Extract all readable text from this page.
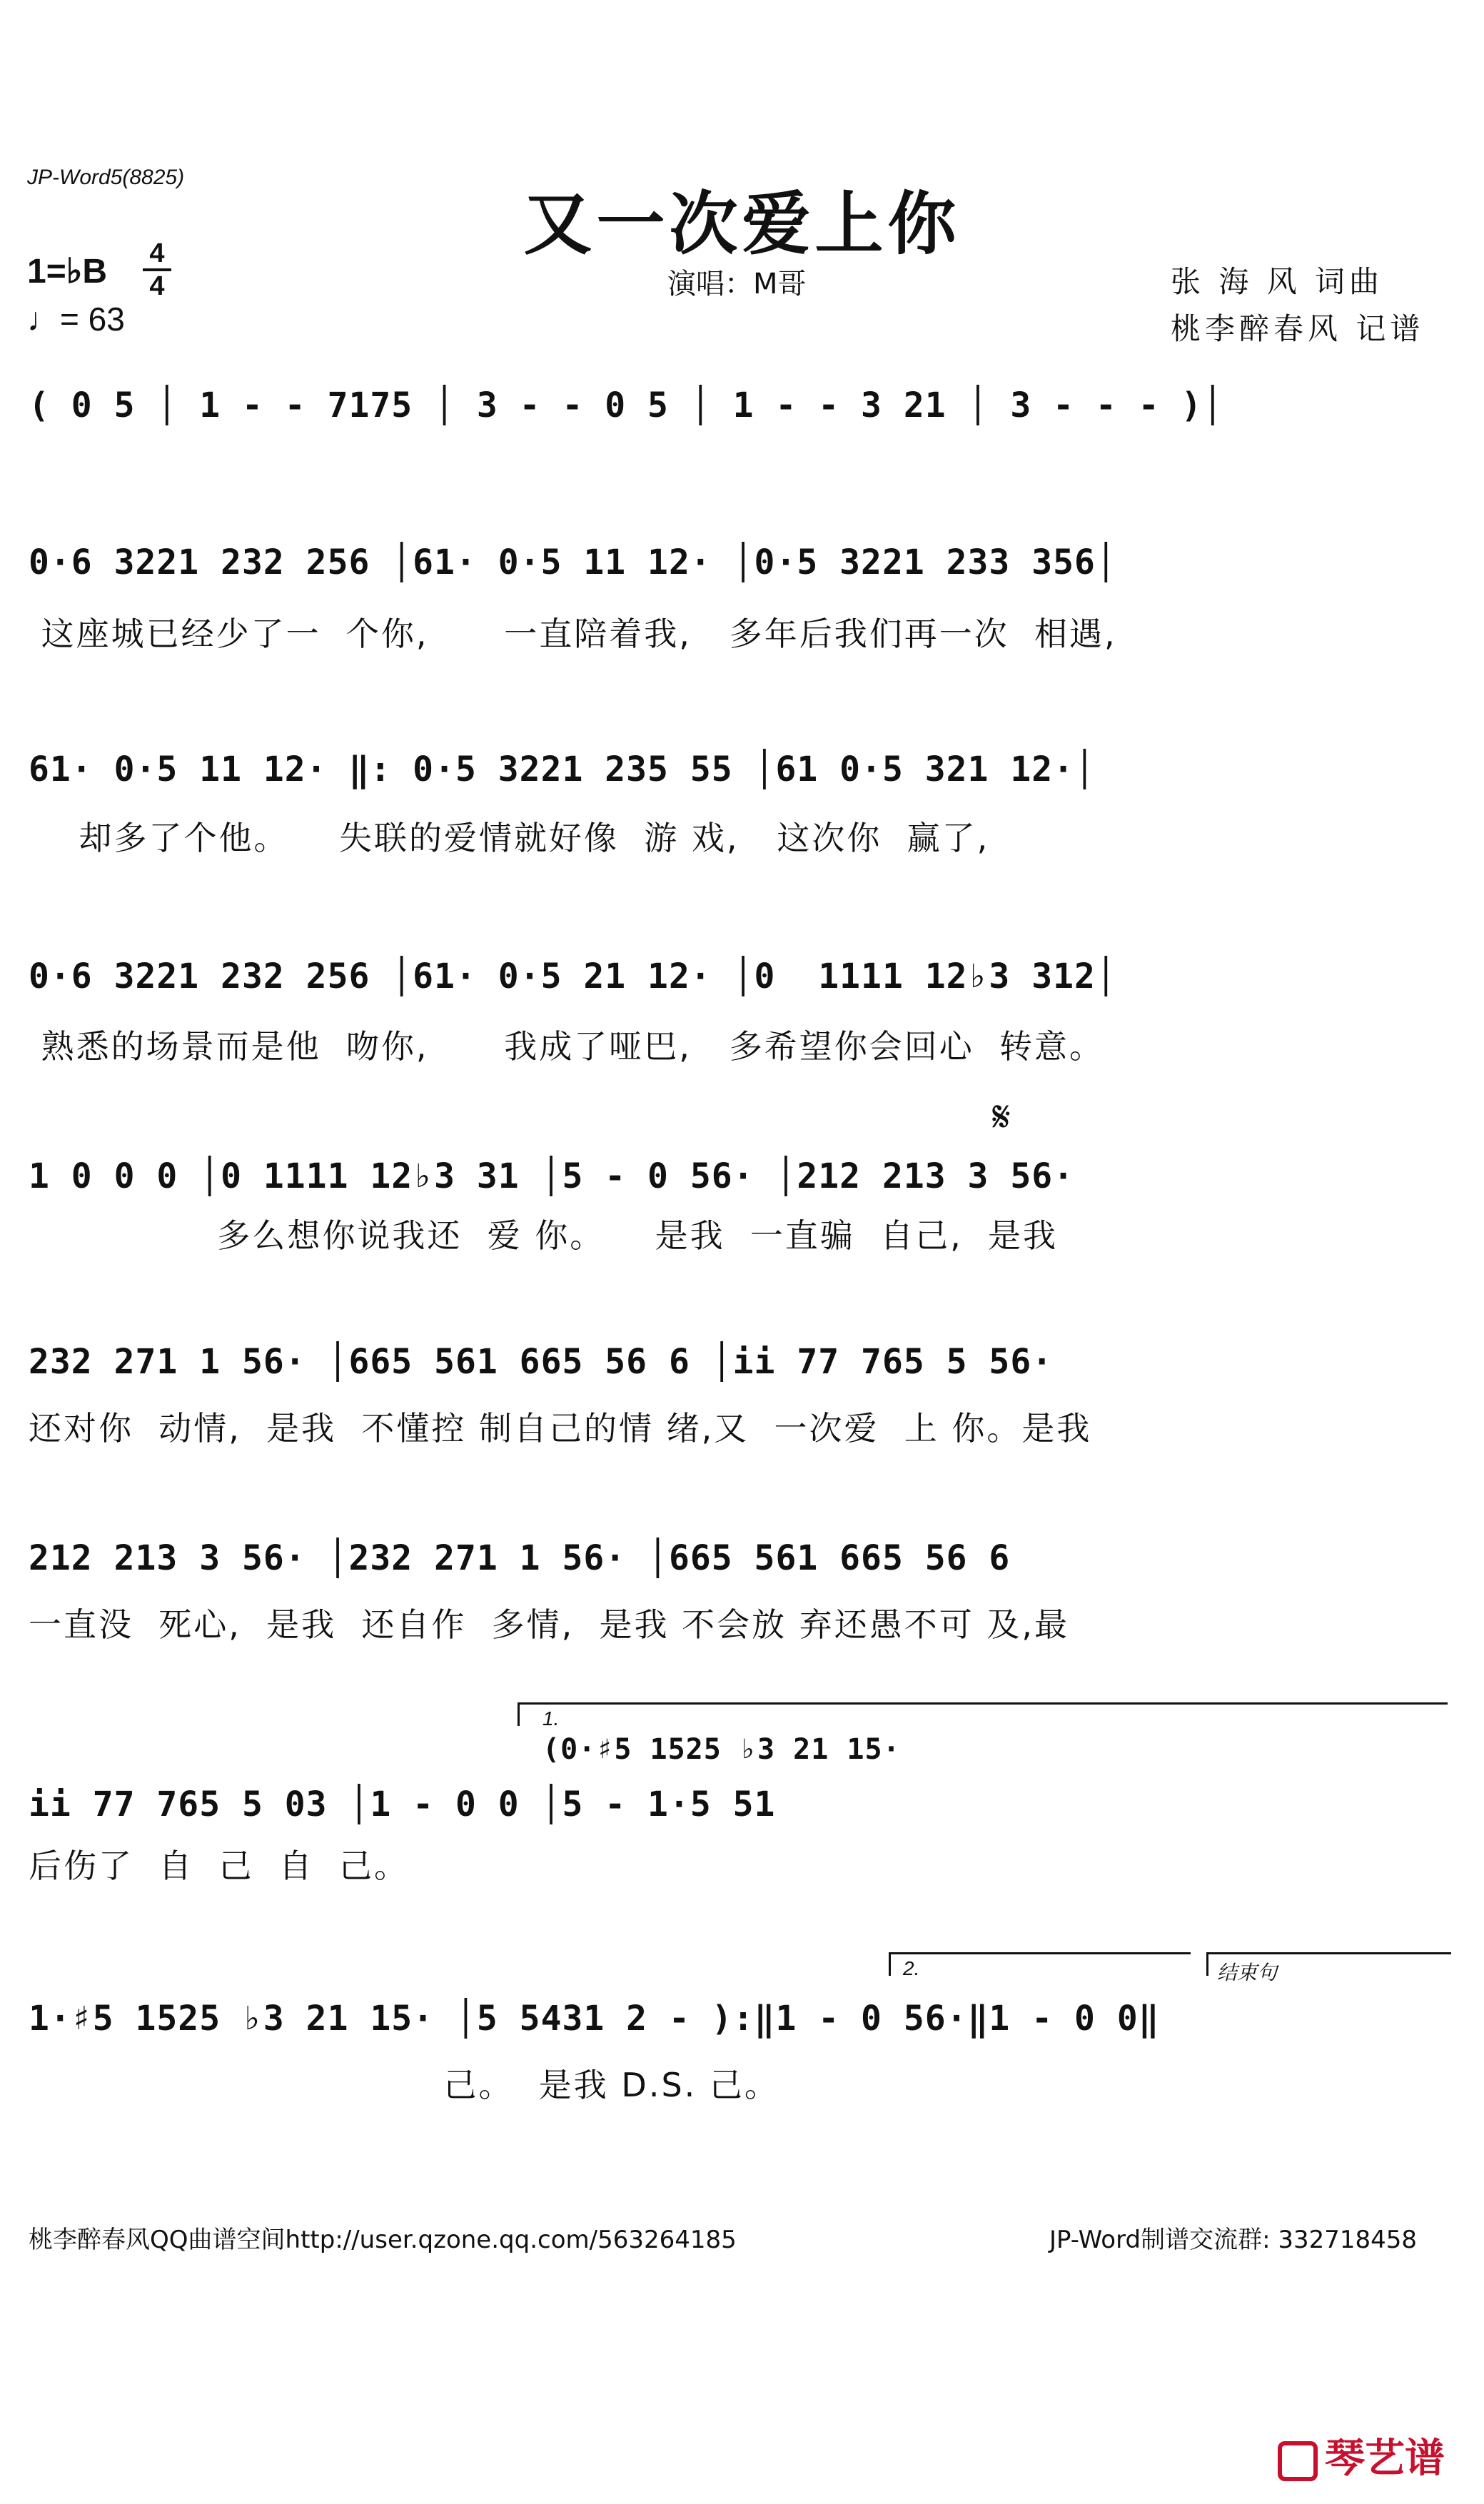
JP-Word5(8825)
又一次爱上你
1=♭B 4
4
♩= 63
演唱：M哥	张 海 风 词曲
桃李醉春风 记谱
( 0 5 │ 1 - - 7175 │ 3 - - 0 5 │ 1 - - 3 21 │ 3 - - - )│
0·6 3221 232 256 │61· 0·5 11 12· │0·5 3221 233 356│
这座城已经少了一  个你,      一直陪着我,   多年后我们再一次  相遇,
61· 0·5 11 12· ‖: 0·5 3221 235 55 │61 0·5 321 12·│
却多了个他。    失联的爱情就好像  游 戏,   这次你  赢了,
0·6 3221 232 256 │61· 0·5 21 12· │0  1111 12♭3 312│
熟悉的场景而是他  吻你,      我成了哑巴,   多希望你会回心  转意。
𝄋
1 0 0 0 │0 1111 12♭3 31 │5 - 0 56· │212 213 3 56·
多么想你说我还  爱 你。    是我  一直骗  自己,  是我
232 271 1 56· │665 561 665 56 6 │ii 77 765 5 56·
还对你  动情,  是我  不懂控 制自己的情 绪,又  一次爱  上 你。是我
212 213 3 56· │232 271 1 56· │665 561 665 56 6
一直没  死心,  是我  还自作  多情,  是我 不会放 弃还愚不可 及,最
1.
(0·♯5 1525 ♭3 21 15·
ii 77 765 5 03 │1 - 0 0 │5 - 1·5 51
后伤了  自  己  自  己。
2.	结束句
1·♯5 1525 ♭3 21 15· │5 5431 2 - ):‖1 - 0 56·‖1 - 0 0‖
己。  是我 D.S. 己。
桃李醉春风QQ曲谱空间http://user.qzone.qq.com/563264185	JP-Word制谱交流群: 332718458
琴艺谱
